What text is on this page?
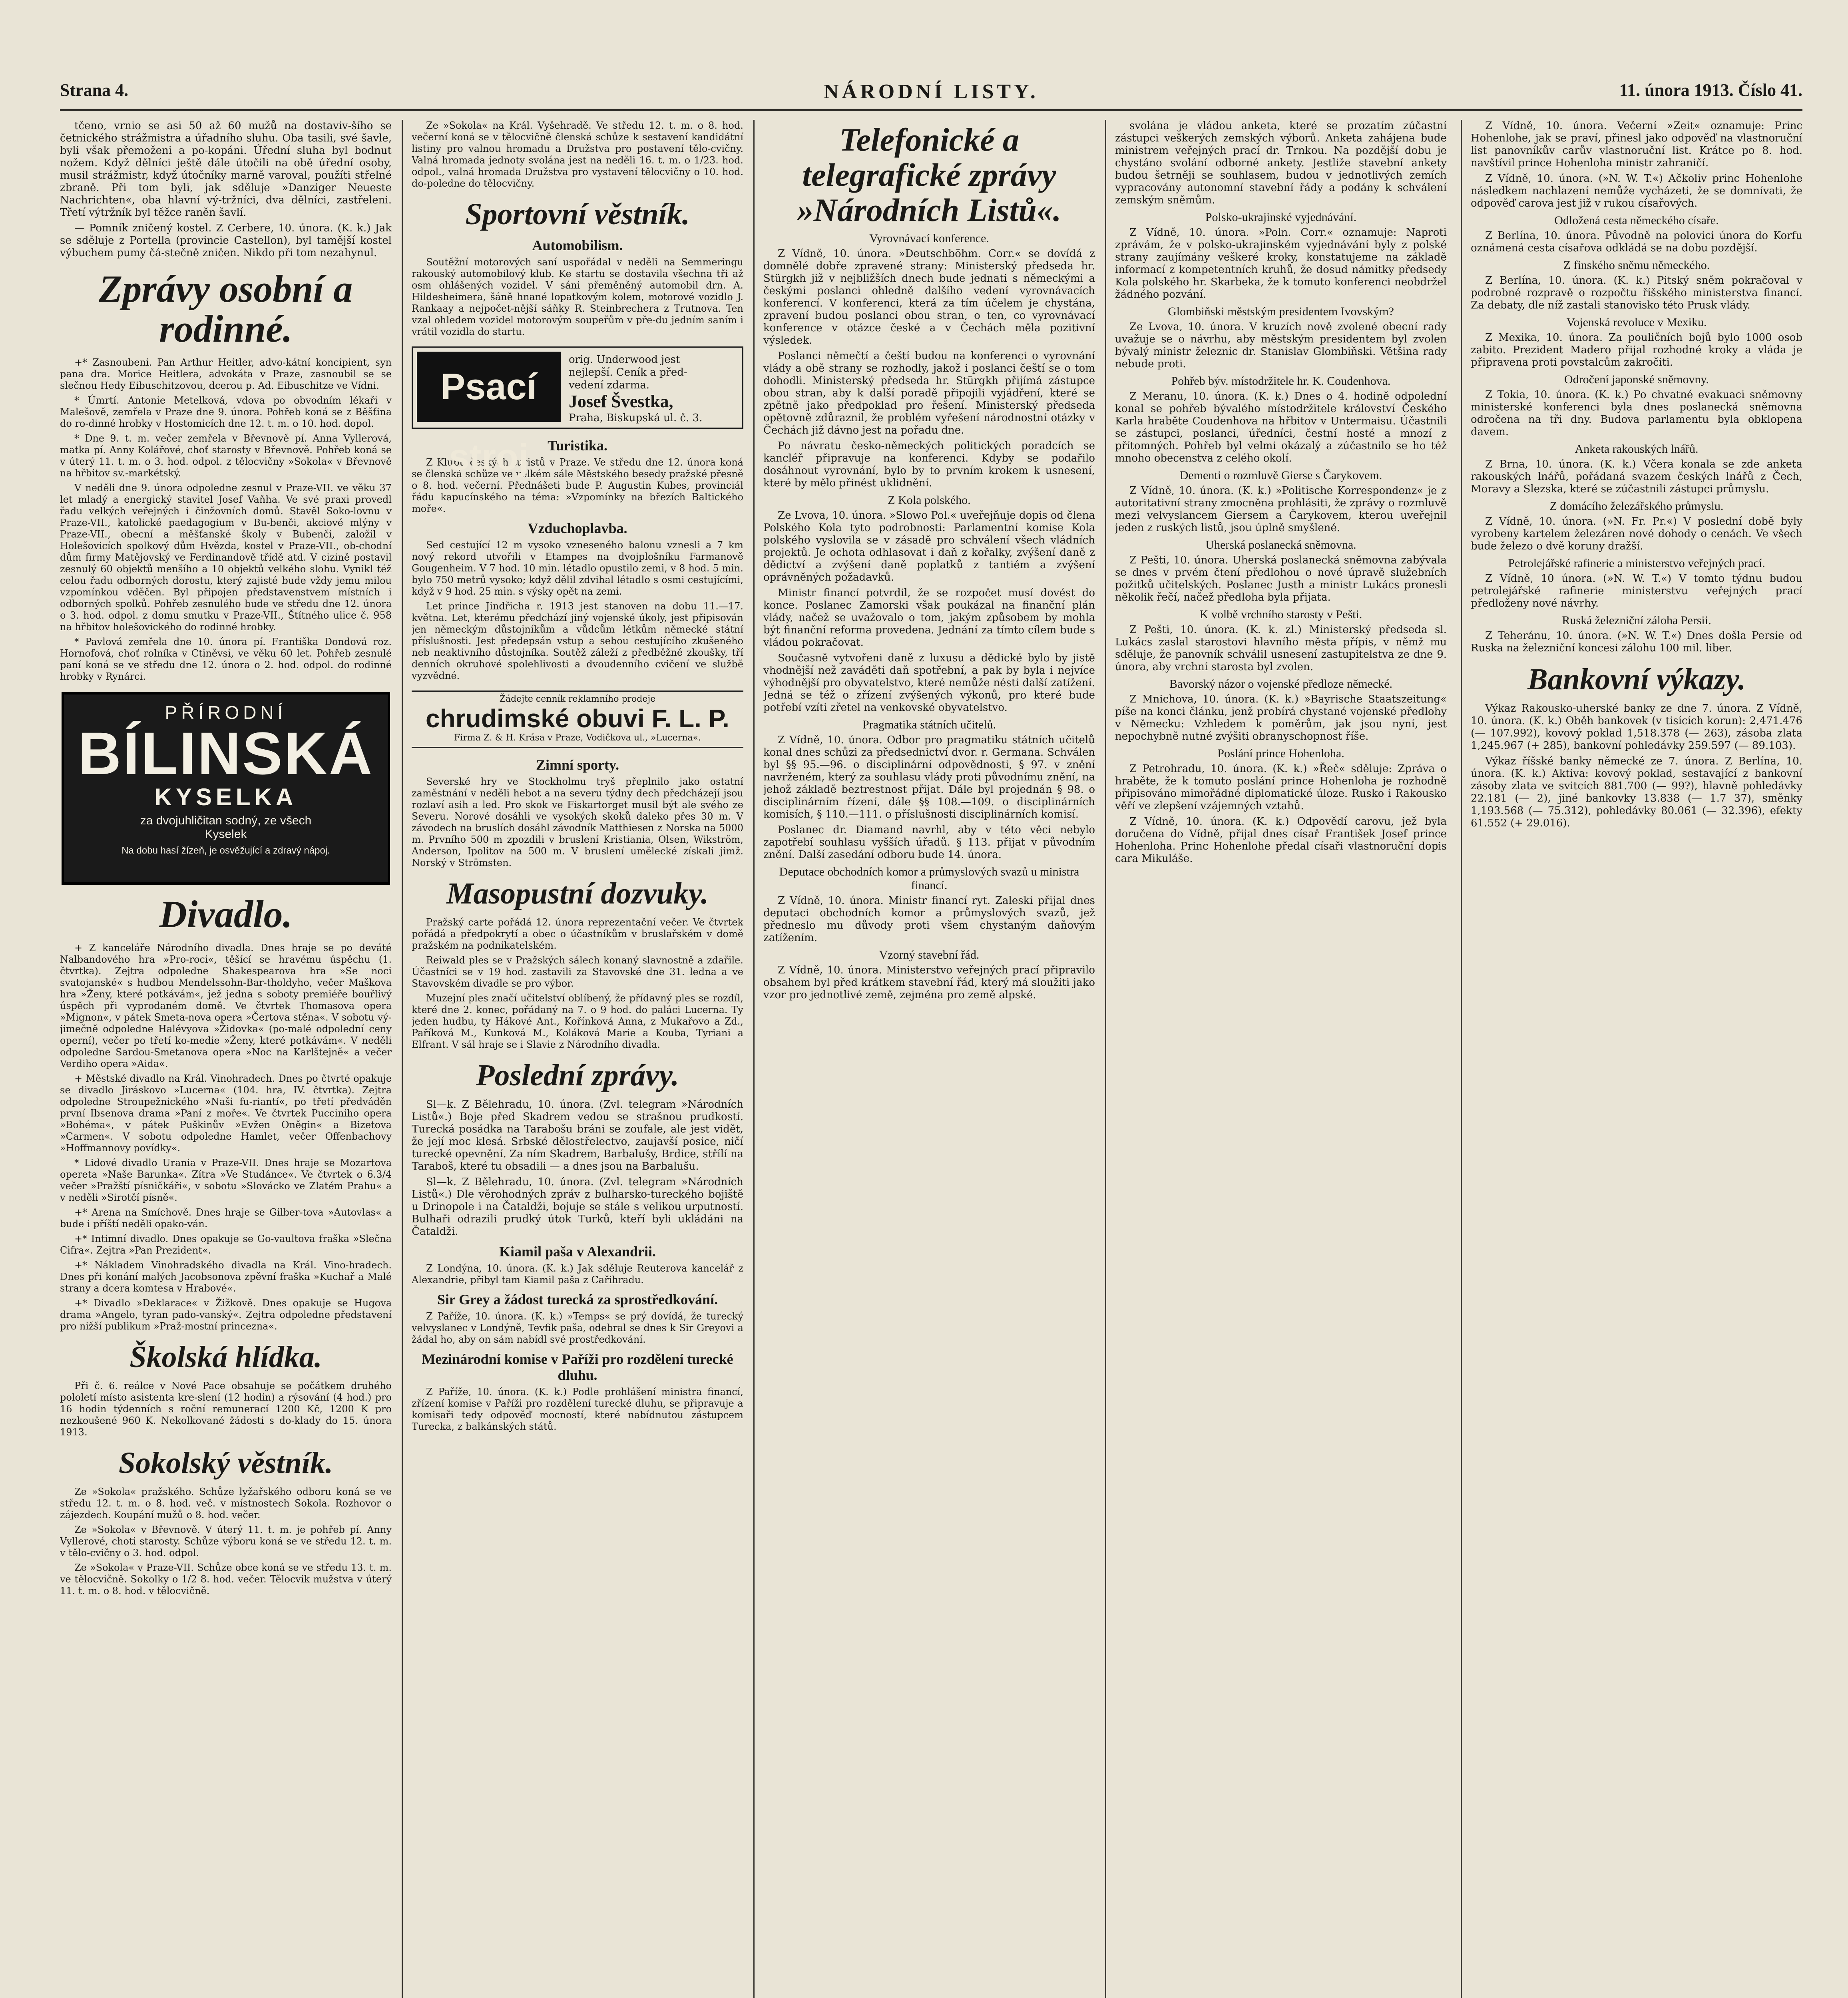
Strana 4.	NÁRODNÍ LISTY.	11. února 1913. Číslo 41.

tčeno, vrnio se asi 50 až 60 mužů na dostaviv-šího se četnického strážmistra a úřadního sluhu. Oba tasili, své šavle, byli však přemoženi a po-kopáni. Úřední sluha byl bodnut nožem. Když dělníci ještě dále útočili na obě úřední osoby, musil strážmistr, když útočníky marně varoval, použíti střelné zbraně. Při tom byli, jak sděluje »Danziger Neueste Nachrichten«, oba hlavní vý-tržníci, dva dělníci, zastřeleni. Třetí výtržník byl těžce raněn šavlí.

— Pomník zničený kostel. Z Cerbere, 10. února. (K. k.) Jak se sděluje z Portella (provincie Castellon), byl tamější kostel výbuchem pumy čá-stečně zničen. Nikdo při tom nezahynul.

Zprávy osobní a rodinné.

+* Zasnoubeni. Pan Arthur Heitler, advo-kátní koncipient, syn pana dra. Morice Heitlera, advokáta v Praze, zasnoubil se se slečnou Hedy Eibuschitzovou, dcerou p. Ad. Eibuschitze ve Vídni.

* Úmrtí. Antonie Metelková, vdova po obvodním lékaři v Malešově, zemřela v Praze dne 9. února. Pohřeb koná se z Běšťina do ro-dinné hrobky v Hostomicích dne 12. t. m. o 10. hod. dopol.

* Dne 9. t. m. večer zemřela v Břevnově pí. Anna Vyllerová, matka pí. Anny Kolářové, choť starosty v Břevnově. Pohřeb koná se v úterý 11. t. m. o 3. hod. odpol. z tělocvičny »Sokola« v Břevnově na hřbitov sv.-markétský.

V neděli dne 9. února odpoledne zesnul v Praze-VII. ve věku 37 let mladý a energický stavitel Josef Vaňha. Ve své praxi provedl řadu velkých veřejných i činžovních domů. Stavěl Soko-lovnu v Praze-VII., katolické paedagogium v Bu-benči, akciové mlýny v Praze-VII., obecní a měšťanské školy v Bubenči, založil v Holešovicích spolkový dům Hvězda, kostel v Praze-VII., ob-chodní dům firmy Matějovský ve Ferdinandově třídě atd. V cizině postavil zesnulý 60 objektů menšího a 10 objektů velkého slohu. Vynikl též celou řadu odborných dorostu, který zajisté bude vždy jemu milou vzpomínkou vděčen. Byl připojen představenstvem místních i odborných spolků. Pohřeb zesnulého bude ve středu dne 12. února o 3. hod. odpol. z domu smutku v Praze-VII., Štítného ulice č. 958 na hřbitov holešovického do rodinné hrobky.

* Pavlová zemřela dne 10. února pí. Františka Dondová roz. Hornofová, choť rolníka v Ctiněvsi, ve věku 60 let. Pohřeb zesnulé paní koná se ve středu dne 12. února o 2. hod. odpol. do rodinné hrobky v Rynárci.

PŘÍRODNÍ
BÍLINSKÁ
KYSELKA
za dvojuhličitan sodný, ze všech
Kyselek
Na dobu hasí žízeň, je osvěžující a zdravý nápoj.
Divadlo.

+ Z kanceláře Národního divadla. Dnes hraje se po deváté Nalbandového hra »Pro-roci«, těšící se hravému úspěchu (1. čtvrtka). Zejtra odpoledne Shakespearova hra »Se noci svatojanské« s hudbou Mendelssohn-Bar-tholdyho, večer Maškova hra »Ženy, které potkávám«, jež jedna s soboty premiéře bouřlivý úspěch při vyprodaném domě. Ve čtvrtek Thomasova opera »Mignon«, v pátek Smeta-nova opera »Čertova stěna«. V sobotu vý-jimečně odpoledne Halévyova »Židovka« (po-malé odpolední ceny operní), večer po třetí ko-medie »Ženy, které potkávám«. V neděli odpoledne Sardou-Smetanova opera »Noc na Karlštejně« a večer Verdiho opera »Aida«.

+ Městské divadlo na Král. Vinohradech. Dnes po čtvrté opakuje se divadlo Jiráskovo »Lucerna« (104. hra, IV. čtvrtka). Zejtra odpoledne Stroupežnického »Naši fu-riantí«, po třetí předváděn první Ibsenova drama »Paní z moře«. Ve čtvrtek Pucciniho opera »Bohéma«, v pátek Puškinův »Evžen Oněgin« a Bizetova »Carmen«. V sobotu odpoledne Hamlet, večer Offenbachovy »Hoffmannovy povídky«.

* Lidové divadlo Urania v Praze-VII. Dnes hraje se Mozartova opereta »Naše Barunka«. Zítra »Ve Studánce«. Ve čtvrtek o 6.3/4 večer »Pražští písničkáři«, v sobotu »Slovácko ve Zlatém Prahu« a v neděli »Sirotčí písně«.

+* Arena na Smíchově. Dnes hraje se Gilber-tova »Autovlas« a bude i příští neděli opako-ván.

+* Intimní divadlo. Dnes opakuje se Go-vaultova fraška »Slečna Cifra«. Zejtra »Pan Prezident«.

+* Nákladem Vinohradského divadla na Král. Vino-hradech. Dnes při konání malých Jacobsonova zpěvní fraška »Kuchař a Malé strany a dcera komtesa v Hrabové«.

+* Divadlo »Deklarace« v Žižkově. Dnes opakuje se Hugova drama »Angelo, tyran pado-vanský«. Zejtra odpoledne představení pro nižší publikum »Praž-mostní princezna«.

Školská hlídka.

Při č. 6. reálce v Nové Pace obsahuje se počátkem druhého pololetí místo asistenta kre-slení (12 hodin) a rýsování (4 hod.) pro 16 hodin týdenních s roční remunerací 1200 Kč, 1200 K pro nezkoušené 960 K. Nekolkované žádosti s do-klady do 15. února 1913.

Sokolský věstník.

Ze »Sokola« pražského. Schůze lyžařského odboru koná se ve středu 12. t. m. o 8. hod. več. v místnostech Sokola. Rozhovor o zájezdech. Koupání mužů o 8. hod. večer.

Ze »Sokola« v Břevnově. V úterý 11. t. m. je pohřeb pí. Anny Vyllerové, choti starosty. Schůze výboru koná se ve středu 12. t. m. v tělo-cvičny o 3. hod. odpol.

Ze »Sokola« v Praze-VII. Schůze obce koná se ve středu 13. t. m. ve tělocvičně. Sokolky o 1/2 8. hod. večer. Tělocvik mužstva v úterý 11. t. m. o 8. hod. v tělocvičně.

Ze »Sokola« na Král. Vyšehradě. Ve středu 12. t. m. o 8. hod. večerní koná se v tělocvičně členská schůze k sestavení kandidátní listiny pro valnou hromadu a Družstva pro postavení tělo-cvičny. Valná hromada jednoty svolána jest na neděli 16. t. m. o 1/23. hod. odpol., valná hromada Družstva pro vystavení tělocvičny o 10. hod. do-poledne do tělocvičny.

Sportovní věstník.
Automobilism.

Soutěžní motorových saní uspořádal v neděli na Semmeringu rakouský automobilový klub. Ke startu se dostavila všechna tři až osm ohlášených vozidel. V sáni přeměněný automobil drn. A. Hildesheimera, šáně hnané lopatkovým kolem, motorové vozidlo J. Rankaay a nejpočet-nější sáňky R. Steinbrechera z Trutnova. Ten vzal ohledem vozidel motorovým soupeřům v pře-du jedním saním i vrátil vozidla do startu.

Psací stroj
orig. Underwood jest
nejlepší. Ceník a před-
vedení zdarma.
Josef Švestka,
Praha, Biskupská ul. č. 3.
Turistika.

Z Klubu českých turistů v Praze. Ve středu dne 12. února koná se členská schůze ve velkém sále Městského besedy pražské přesně o 8. hod. večerní. Přednášeti bude P. Augustin Kubes, provinciál řádu kapucínského na téma: »Vzpomínky na březích Baltického moře«.

Vzduchoplavba.

Sed cestující 12 m vysoko vzneseného balonu vznesli a 7 km nový rekord utvořili v Etampes na dvojplošníku Farmanově Gougenheim. V 7 hod. 10 min. létadlo opustilo zemi, v 8 hod. 5 min. bylo 750 metrů vysoko; když dělil zdvihal létadlo s osmi cestujícími, když v 9 hod. 25 min. s výsky opět na zemi.

Let prince Jindřicha r. 1913 jest stanoven na dobu 11.—17. května. Let, kterému předchází jiný vojenské úkoly, jest připisován jen německým důstojníkům a vůdcům létkům německé státní příslušnosti. Jest předepsán vstup a sebou cestujícího zkušeného neb neaktivního důstojníka. Soutěž záleží z předběžné zkoušky, tří denních okruhové spolehlivosti a dvoudenního cvičení ve službě vyzvědné.

Žádejte cenník reklamního prodeje
chrudimské obuvi F. L. P.
Firma Z. & H. Krása v Praze, Vodičkova ul., »Lucerna«.
Zimní sporty.

Severské hry ve Stockholmu tryš přeplnilo jako ostatní zaměstnání v neděli hebot a na severu týdny dech předcházejí jsou rozlaví asih a led. Pro skok ve Fiskartorget musil být ale svého ze Severu. Norové dosáhli ve vysokých skoků daleko přes 30 m. V závodech na bruslích dosáhl závodník Matthiesen z Norska na 5000 m. Prvního 500 m zpozdili v bruslení Kristiania, Olsen, Wikström, Anderson, Ipolitov na 500 m. V bruslení umělecké získali jimž. Norský v Strömsten.

Masopustní dozvuky.

Pražský carte pořádá 12. února reprezentační večer. Ve čtvrtek pořádá a předpokrytí a obec o účastníkům v bruslařském v domě pražském na podnikatelském.

Reiwald ples se v Pražských sálech konaný slavnostně a zdařile. Účastníci se v 19 hod. zastavili za Stavovské dne 31. ledna a ve Stavovském divadle se pro výbor.

Muzejní ples značí učitelství oblíbený, že přídavný ples se rozdíl, které dne 2. konec, pořádaný na 7. o 9 hod. do paláci Lucerna. Ty jeden hudbu, ty Hákové Ant., Kořínková Anna, z Mukařovo a Zd., Paříková M., Kunková M., Koláková Marie a Kouba, Tyriani a Elfrant. V sál hraje se i Slavie z Národního divadla.

Poslední zprávy.

Sl—k. Z Bělehradu, 10. února. (Zvl. telegram »Národních Listů«.) Boje před Skadrem vedou se strašnou prudkostí. Turecká posádka na Tarabošu bráni se zoufale, ale jest vidět, že její moc klesá. Srbské dělostřelectvo, zaujavší posice, ničí turecké opevnění. Za ním Skadrem, Barbalušy, Brdice, střílí na Taraboš, které tu obsadili — a dnes jsou na Barbalušu.

Sl—k. Z Bělehradu, 10. února. (Zvl. telegram »Národních Listů«.) Dle věrohodných zpráv z bulharsko-tureckého bojiště u Drinopole i na Čataldži, bojuje se stále s velikou urputností. Bulhaři odrazili prudký útok Turků, kteří byli ukládáni na Čataldži.

Kiamil paša v Alexandrii.

Z Londýna, 10. února. (K. k.) Jak sděluje Reuterova kancelář z Alexandrie, přibyl tam Kiamil paša z Cařihradu.

Sir Grey a žádost turecká za sprostředkování.

Z Paříže, 10. února. (K. k.) »Temps« se prý dovídá, že turecký velvyslanec v Londýně, Tevfik paša, odebral se dnes k Sir Greyovi a žádal ho, aby on sám nabídl své prostředkování.

Mezinárodní komise v Paříži pro rozdělení turecké dluhu.

Z Paříže, 10. února. (K. k.) Podle prohlášení ministra financí, zřízení komise v Paříži pro rozdělení turecké dluhu, se připravuje a komisaři tedy odpověď mocností, které nabídnutou zástupcem Turecka, z balkánských států.

Telefonické a telegrafické zprávy »Národních Listů«.
Vyrovnávací konference.

Z Vídně, 10. února. »Deutschböhm. Corr.« se dovídá z domnělé dobře zpravené strany: Ministerský předseda hr. Stürgkh již v nejbližších dnech bude jednati s německými a českými poslanci ohledně dalšího vedení vyrovnávacích konferencí. V konferenci, která za tím účelem je chystána, zpravení budou poslanci obou stran, o ten, co vyrovnávací konference v otázce české a v Čechách měla pozitivní výsledek.

Poslanci němečtí a čeští budou na konferenci o vyrovnání vlády a obě strany se rozhodly, jakož i poslanci čeští se o tom dohodli. Ministerský předseda hr. Stürgkh přijímá zástupce obou stran, aby k další poradě připojili vyjádření, které se zpětně jako předpoklad pro řešení. Ministerský předseda opětovně zdůraznil, že problém vyřešení národnostní otázky v Čechách již dávno jest na pořadu dne.

Po návratu česko-německých politických poradcích se kancléř připravuje na konferenci. Kdyby se podařilo dosáhnout vyrovnání, bylo by to prvním krokem k usnesení, které by mělo přinést uklidnění.

Z Kola polského.

Ze Lvova, 10. února. »Slowo Pol.« uveřejňuje dopis od člena Polského Kola tyto podrobnosti: Parlamentní komise Kola polského vyslovila se v zásadě pro schválení všech vládních projektů. Je ochota odhlasovat i daň z kořalky, zvýšení daně z dědictví a zvýšení daně poplatků z tantiém a zvýšení oprávněných požadavků.

Ministr financí potvrdil, že se rozpočet musí dovést do konce. Poslanec Zamorski však poukázal na finanční plán vlády, načež se uvažovalo o tom, jakým způsobem by mohla být finanční reforma provedena. Jednání za tímto cílem bude s vládou pokračovat.

Současně vytvořeni daně z luxusu a dědické bylo by jistě vhodnější než zaváděti daň spotřební, a pak by byla i nejvíce výhodnější pro obyvatelstvo, které nemůže nésti další zatížení. Jedná se též o zřízení zvýšených výkonů, pro které bude potřebí vzíti zřetel na venkovské obyvatelstvo.

Pragmatika státních učitelů.

Z Vídně, 10. února. Odbor pro pragmatiku státních učitelů konal dnes schůzi za předsednictví dvor. r. Germana. Schválen byl §§ 95.—96. o disciplinární odpovědnosti, § 97. v znění navrženém, který za souhlasu vlády proti původnímu znění, na jehož základě beztrestnost přijat. Dále byl projednán § 98. o disciplinárním řízení, dále §§ 108.—109. o disciplinárních komisích, § 110.—111. o příslušnosti disciplinárních komisí.

Poslanec dr. Diamand navrhl, aby v této věci nebylo zapotřebí souhlasu vyšších úřadů. § 113. přijat v původním znění. Další zasedání odboru bude 14. února.

Deputace obchodních komor a průmyslových svazů u ministra financí.

Z Vídně, 10. února. Ministr financí ryt. Zaleski přijal dnes deputaci obchodních komor a průmyslových svazů, jež předneslo mu důvody proti všem chystaným daňovým zatížením.

Vzorný stavební řád.

Z Vídně, 10. února. Ministerstvo veřejných prací připravilo obsahem byl před krátkem stavební řád, který má sloužiti jako vzor pro jednotlivé země, zejména pro země alpské.

svolána je vládou anketa, které se prozatím zúčastní zástupci veškerých zemských výborů. Anketa zahájena bude ministrem veřejných prací dr. Trnkou. Na pozdější dobu je chystáno svolání odborné ankety. Jestliže stavební ankety budou šetrněji se souhlasem, budou v jednotlivých zemích vypracovány autonomní stavební řády a podány k schválení zemským sněmům.

Polsko-ukrajinské vyjednávání.

Z Vídně, 10. února. »Poln. Corr.« oznamuje: Naproti zprávám, že v polsko-ukrajinském vyjednávání byly z polské strany zaujímány veškeré kroky, konstatujeme na základě informací z kompetentních kruhů, že dosud námitky předsedy Kola polského hr. Skarbeka, že k tomuto konferenci neobdržel žádného pozvání.

Glombiňski městským presidentem Ivovským?

Ze Lvova, 10. února. V kruzích nově zvolené obecní rady uvažuje se o návrhu, aby městským presidentem byl zvolen bývalý ministr železnic dr. Stanislav Glombiňski. Většina rady nebude proti.

Pohřeb býv. místodržitele hr. K. Coudenhova.

Z Meranu, 10. února. (K. k.) Dnes o 4. hodině odpolední konal se pohřeb bývalého místodržitele království Českého Karla hraběte Coudenhova na hřbitov v Untermaisu. Účastnili se zástupci, poslanci, úředníci, čestní hosté a mnozí z přítomných. Pohřeb byl velmi okázalý a zúčastnilo se ho též mnoho obecenstva z celého okolí.

Dementi o rozmluvě Gierse s Čarykovem.

Z Vídně, 10. února. (K. k.) »Politische Korrespondenz« je z autoritativní strany zmocněna prohlásiti, že zprávy o rozmluvě mezi velvyslancem Giersem a Čarykovem, kterou uveřejnil jeden z ruských listů, jsou úplně smyšlené.

Uherská poslanecká sněmovna.

Z Pešti, 10. února. Uherská poslanecká sněmovna zabývala se dnes v prvém čtení předlohou o nové úpravě služebních požitků učitelských. Poslanec Justh a ministr Lukács pronesli několik řečí, načež předloha byla přijata.

K volbě vrchního starosty v Pešti.

Z Pešti, 10. února. (K. k. zl.) Ministerský předseda sl. Lukács zaslal starostovi hlavního města přípis, v němž mu sděluje, že panovník schválil usnesení zastupitelstva ze dne 9. února, aby vrchní starosta byl zvolen.

Bavorský názor o vojenské předloze německé.

Z Mnichova, 10. února. (K. k.) »Bayrische Staatszeitung« píše na konci článku, jenž probírá chystané vojenské předlohy v Německu: Vzhledem k poměrům, jak jsou nyní, jest nepochybně nutné zvýšiti obranyschopnost říše.

Poslání prince Hohenloha.

Z Petrohradu, 10. února. (K. k.) »Řeč« sděluje: Zpráva o hraběte, že k tomuto poslání prince Hohenloha je rozhodně připisováno mimořádné diplomatické úloze. Rusko i Rakousko věří ve zlepšení vzájemných vztahů.

Z Vídně, 10. února. (K. k.) Odpovědí carovu, jež byla doručena do Vídně, přijal dnes císař František Josef prince Hohenloha. Princ Hohenlohe předal císaři vlastnoruční dopis cara Mikuláše.

Z Vídně, 10. února. Večerní »Zeit« oznamuje: Princ Hohenlohe, jak se praví, přinesl jako odpověď na vlastnoruční list panovníkův carův vlastnoruční list. Krátce po 8. hod. navštívil prince Hohenloha ministr zahraničí.

Z Vídně, 10. února. (»N. W. T.«) Ačkoliv princ Hohenlohe následkem nachlazení nemůže vycházeti, že se domnívati, že odpověď carova jest již v rukou císařových.

Odložená cesta německého císaře.

Z Berlína, 10. února. Původně na polovici února do Korfu oznámená cesta císařova odkládá se na dobu pozdější.

Z finského sněmu německého.

Z Berlína, 10. února. (K. k.) Pitský sněm pokračoval v podrobné rozpravě o rozpočtu říšského ministerstva financí. Za debaty, dle níž zastali stanovisko této Prusk vlády.

Vojenská revoluce v Mexiku.

Z Mexika, 10. února. Za pouličních bojů bylo 1000 osob zabito. Prezident Madero přijal rozhodné kroky a vláda je připravena proti povstalcům zakročiti.

Odročení japonské sněmovny.

Z Tokia, 10. února. (K. k.) Po chvatné evakuaci sněmovny ministerské konferenci byla dnes poslanecká sněmovna odročena na tři dny. Budova parlamentu byla obklopena davem.

Anketa rakouských lnářů.

Z Brna, 10. února. (K. k.) Včera konala se zde anketa rakouských lnářů, pořádaná svazem českých lnářů z Čech, Moravy a Slezska, které se zúčastnili zástupci průmyslu.

Z domácího železářského průmyslu.

Z Vídně, 10. února. (»N. Fr. Pr.«) V poslední době byly vyrobeny kartelem železáren nové dohody o cenách. Ve všech bude železo o dvě koruny dražší.

Petrolejářské rafinerie a ministerstvo veřejných prací.

Z Vídně, 10 února. (»N. W. T.«) V tomto týdnu budou petrolejářské rafinerie ministerstvu veřejných prací předloženy nové návrhy.

Ruská železniční záloha Persii.

Z Teheránu, 10. února. (»N. W. T.«) Dnes došla Persie od Ruska na železniční koncesi zálohu 100 mil. liber.

Bankovní výkazy.

Výkaz Rakousko-uherské banky ze dne 7. února. Z Vídně, 10. února. (K. k.) Oběh bankovek (v tisících korun): 2,471.476 (— 107.992), kovový poklad 1,518.378 (— 263), zásoba zlata 1,245.967 (+ 285), bankovní pohledávky 259.597 (— 89.103).

Výkaz říšské banky německé ze 7. února. Z Berlína, 10. února. (K. k.) Aktiva: kovový poklad, sestavající z bankovní zásoby zlata ve svitcích 881.700 (— 99?), hlavně pohledávky 22.181 (— 2), jiné bankovky 13.838 (— 1.7 37), směnky 1,193.568 (— 75.312), pohledávky 80.061 (— 32.396), efekty 61.552 (+ 29.016).
